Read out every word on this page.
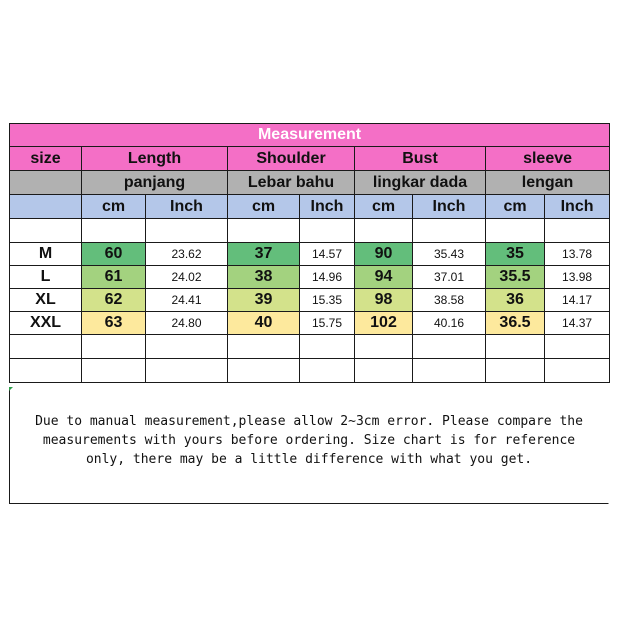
Measurement								
size	Length		Shoulder		Bust		sleeve	
	panjang		Lebar bahu		lingkar dada		lengan	
	cm	Inch	cm	Inch	cm	Inch	cm	Inch

M	60	23.62	37	14.57	90	35.43	35	13.78
L	61	24.02	38	14.96	94	37.01	35.5	13.98
XL	62	24.41	39	15.35	98	38.58	36	14.17
XXL	63	24.80	40	15.75	102	40.16	36.5	14.37

Due to manual measurement,please allow 2~3cm error. Please compare the measurements with yours before ordering. Size chart is for reference only, there may be a little difference with what you get.
